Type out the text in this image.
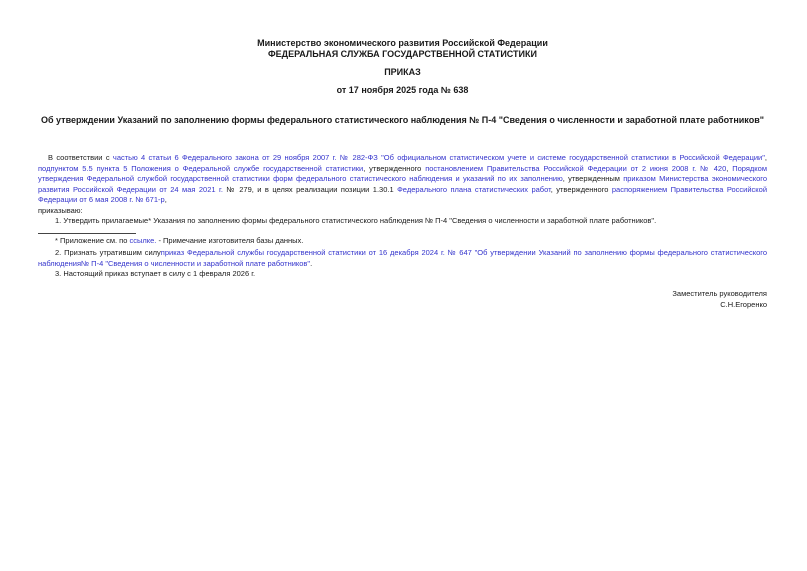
Министерство экономического развития Российской Федерации
ФЕДЕРАЛЬНАЯ СЛУЖБА ГОСУДАРСТВЕННОЙ СТАТИСТИКИ
ПРИКАЗ
от 17 ноября 2025 года № 638
Об утверждении Указаний по заполнению формы федерального статистического наблюдения № П-4 "Сведения о численности и заработной плате работников"

В соответствии с частью 4 статьи 6 Федерального закона от 29 ноября 2007 г. № 282-ФЗ "Об официальном статистическом учете и системе государственной статистики в Российской Федерации", подпунктом 5.5 пункта 5 Положения о Федеральной службе государственной статистики, утвержденного постановлением Правительства Российской Федерации от 2 июня 2008 г. № 420, Порядком утверждения Федеральной службой государственной статистики форм федерального статистического наблюдения и указаний по их заполнению, утвержденным приказом Министерства экономического развития Российской Федерации от 24 мая 2021 г. № 279, и в целях реализации позиции 1.30.1 Федерального плана статистических работ, утвержденного распоряжением Правительства Российской Федерации от 6 мая 2008 г. № 671-р,

приказываю:

1. Утвердить прилагаемые* Указания по заполнению формы федерального статистического наблюдения № П-4 "Сведения о численности и заработной плате работников".

* Приложение см. по ссылке. - Примечание изготовителя базы данных.

2. Признать утратившим силуприказ Федеральной службы государственной статистики от 16 декабря 2024 г. № 647 "Об утверждении Указаний по заполнению формы федерального статистического наблюдения№ П-4 "Сведения о численности и заработной плате работников".

3. Настоящий приказ вступает в силу с 1 февраля 2026 г.

Заместитель руководителя
С.Н.Егоренко
